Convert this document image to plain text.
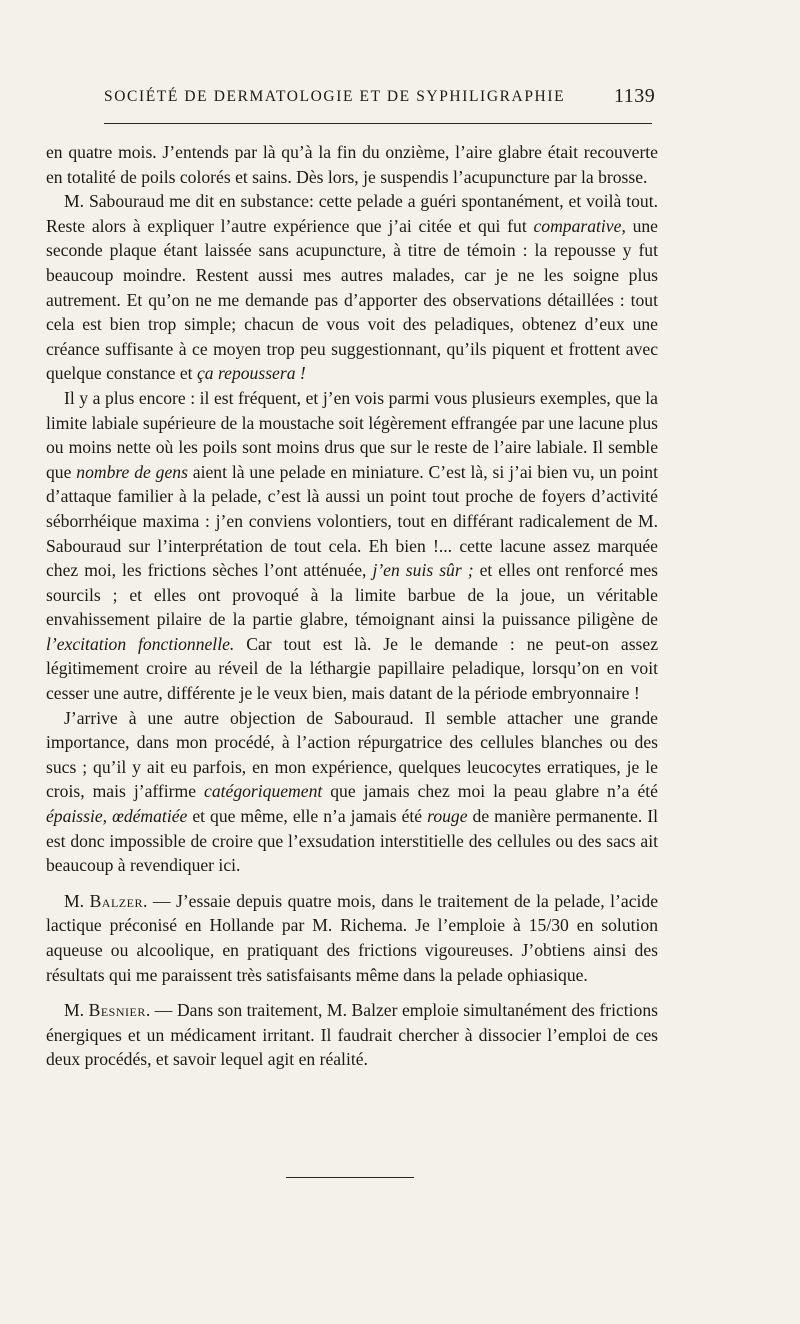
SOCIÉTÉ DE DERMATOLOGIE ET DE SYPHILIGRAPHIE	1139

en quatre mois. J’entends par là qu’à la fin du onzième, l’aire glabre était recouverte en totalité de poils colorés et sains. Dès lors, je suspendis l’acupuncture par la brosse.

M. Sabouraud me dit en substance: cette pelade a guéri spontanément, et voilà tout. Reste alors à expliquer l’autre expérience que j’ai citée et qui fut comparative, une seconde plaque étant laissée sans acupuncture, à titre de témoin : la repousse y fut beaucoup moindre. Restent aussi mes autres malades, car je ne les soigne plus autrement. Et qu’on ne me demande pas d’apporter des observations détaillées : tout cela est bien trop simple; chacun de vous voit des peladiques, obtenez d’eux une créance suffisante à ce moyen trop peu suggestionnant, qu’ils piquent et frottent avec quelque constance et ça repoussera !

Il y a plus encore : il est fréquent, et j’en vois parmi vous plusieurs exemples, que la limite labiale supérieure de la moustache soit légèrement effrangée par une lacune plus ou moins nette où les poils sont moins drus que sur le reste de l’aire labiale. Il semble que nombre de gens aient là une pelade en miniature. C’est là, si j’ai bien vu, un point d’attaque familier à la pelade, c’est là aussi un point tout proche de foyers d’activité séborrhéique maxima : j’en conviens volontiers, tout en différant radicalement de M. Sabouraud sur l’interprétation de tout cela. Eh bien !... cette lacune assez marquée chez moi, les frictions sèches l’ont atténuée, j’en suis sûr ; et elles ont renforcé mes sourcils ; et elles ont provoqué à la limite barbue de la joue, un véritable envahissement pilaire de la partie glabre, témoignant ainsi la puissance piligène de l’excitation fonctionnelle. Car tout est là. Je le demande : ne peut-on assez légitimement croire au réveil de la léthargie papillaire peladique, lorsqu’on en voit cesser une autre, différente je le veux bien, mais datant de la période embryonnaire !

J’arrive à une autre objection de Sabouraud. Il semble attacher une grande importance, dans mon procédé, à l’action répurgatrice des cellules blanches ou des sucs ; qu’il y ait eu parfois, en mon expérience, quelques leucocytes erratiques, je le crois, mais j’affirme catégoriquement que jamais chez moi la peau glabre n’a été épaissie, œdématiée et que même, elle n’a jamais été rouge de manière permanente. Il est donc impossible de croire que l’exsudation interstitielle des cellules ou des sacs ait beaucoup à revendiquer ici.

M. Balzer. — J’essaie depuis quatre mois, dans le traitement de la pelade, l’acide lactique préconisé en Hollande par M. Richema. Je l’emploie à 15/30 en solution aqueuse ou alcoolique, en pratiquant des frictions vigoureuses. J’obtiens ainsi des résultats qui me paraissent très satisfaisants même dans la pelade ophiasique.

M. Besnier. — Dans son traitement, M. Balzer emploie simultanément des frictions énergiques et un médicament irritant. Il faudrait chercher à dissocier l’emploi de ces deux procédés, et savoir lequel agit en réalité.
